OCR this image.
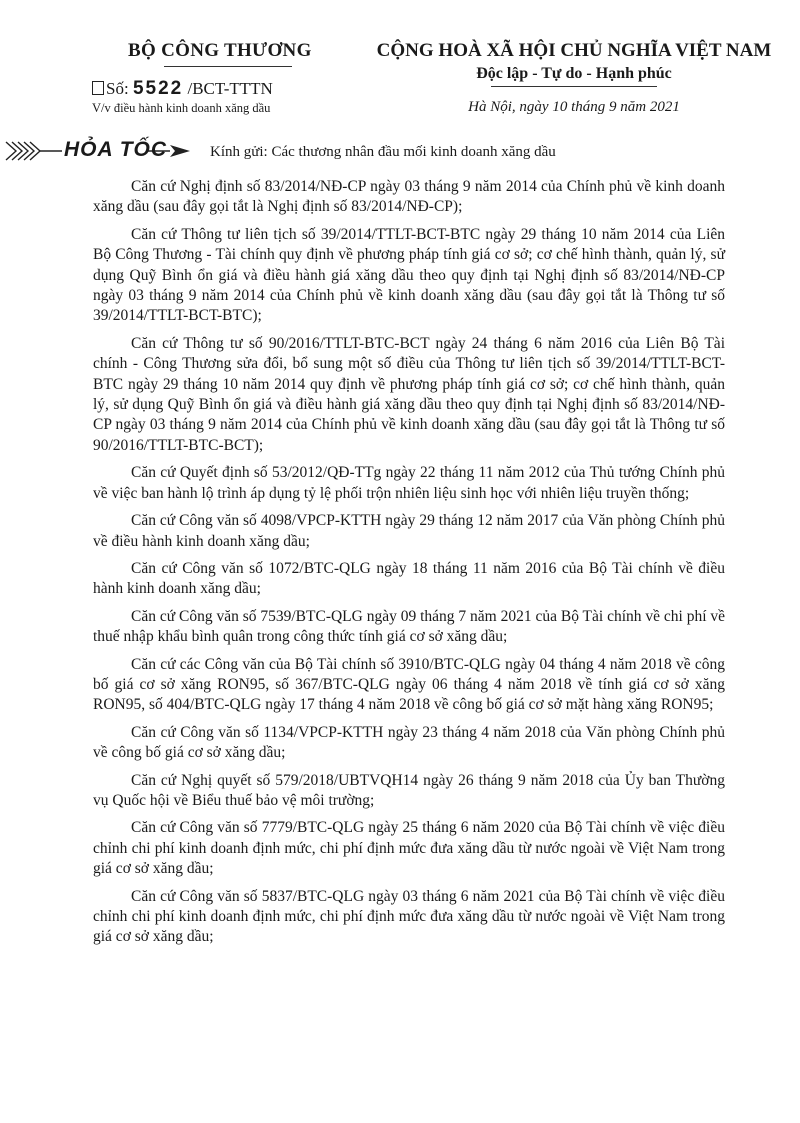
BỘ CÔNG THƯƠNG
Số: 5522 /BCT-TTTN
V/v điều hành kinh doanh xăng dầu
CỘNG HOÀ XÃ HỘI CHỦ NGHĨA VIỆT NAM
Độc lập - Tự do - Hạnh phúc
Hà Nội, ngày 10 tháng 9 năm 2021
HỎA TỐC	Kính gửi: Các thương nhân đầu mối kinh doanh xăng dầu

Căn cứ Nghị định số 83/2014/NĐ-CP ngày 03 tháng 9 năm 2014 của Chính phủ về kinh doanh xăng dầu (sau đây gọi tắt là Nghị định số 83/2014/NĐ-CP);

Căn cứ Thông tư liên tịch số 39/2014/TTLT-BCT-BTC ngày 29 tháng 10 năm 2014 của Liên Bộ Công Thương - Tài chính quy định về phương pháp tính giá cơ sở; cơ chế hình thành, quản lý, sử dụng Quỹ Bình ổn giá và điều hành giá xăng dầu theo quy định tại Nghị định số 83/2014/NĐ-CP ngày 03 tháng 9 năm 2014 của Chính phủ về kinh doanh xăng dầu (sau đây gọi tắt là Thông tư số 39/2014/TTLT-BCT-BTC);

Căn cứ Thông tư số 90/2016/TTLT-BTC-BCT ngày 24 tháng 6 năm 2016 của Liên Bộ Tài chính - Công Thương sửa đổi, bổ sung một số điều của Thông tư liên tịch số 39/2014/TTLT-BCT-BTC ngày 29 tháng 10 năm 2014 quy định về phương pháp tính giá cơ sở; cơ chế hình thành, quản lý, sử dụng Quỹ Bình ổn giá và điều hành giá xăng dầu theo quy định tại Nghị định số 83/2014/NĐ-CP ngày 03 tháng 9 năm 2014 của Chính phủ về kinh doanh xăng dầu (sau đây gọi tắt là Thông tư số 90/2016/TTLT-BTC-BCT);

Căn cứ Quyết định số 53/2012/QĐ-TTg ngày 22 tháng 11 năm 2012 của Thủ tướng Chính phủ về việc ban hành lộ trình áp dụng tỷ lệ phối trộn nhiên liệu sinh học với nhiên liệu truyền thống;

Căn cứ Công văn số 4098/VPCP-KTTH ngày 29 tháng 12 năm 2017 của Văn phòng Chính phủ về điều hành kinh doanh xăng dầu;

Căn cứ Công văn số 1072/BTC-QLG ngày 18 tháng 11 năm 2016 của Bộ Tài chính về điều hành kinh doanh xăng dầu;

Căn cứ Công văn số 7539/BTC-QLG ngày 09 tháng 7 năm 2021 của Bộ Tài chính về chi phí về thuế nhập khẩu bình quân trong công thức tính giá cơ sở xăng dầu;

Căn cứ các Công văn của Bộ Tài chính số 3910/BTC-QLG ngày 04 tháng 4 năm 2018 về công bố giá cơ sở xăng RON95, số 367/BTC-QLG ngày 06 tháng 4 năm 2018 về tính giá cơ sở xăng RON95, số 404/BTC-QLG ngày 17 tháng 4 năm 2018 về công bố giá cơ sở mặt hàng xăng RON95;

Căn cứ Công văn số 1134/VPCP-KTTH ngày 23 tháng 4 năm 2018 của Văn phòng Chính phủ về công bố giá cơ sở xăng dầu;

Căn cứ Nghị quyết số 579/2018/UBTVQH14 ngày 26 tháng 9 năm 2018 của Ủy ban Thường vụ Quốc hội về Biểu thuế bảo vệ môi trường;

Căn cứ Công văn số 7779/BTC-QLG ngày 25 tháng 6 năm 2020 của Bộ Tài chính về việc điều chỉnh chi phí kinh doanh định mức, chi phí định mức đưa xăng dầu từ nước ngoài về Việt Nam trong giá cơ sở xăng dầu;

Căn cứ Công văn số 5837/BTC-QLG ngày 03 tháng 6 năm 2021 của Bộ Tài chính về việc điều chỉnh chi phí kinh doanh định mức, chi phí định mức đưa xăng dầu từ nước ngoài về Việt Nam trong giá cơ sở xăng dầu;
